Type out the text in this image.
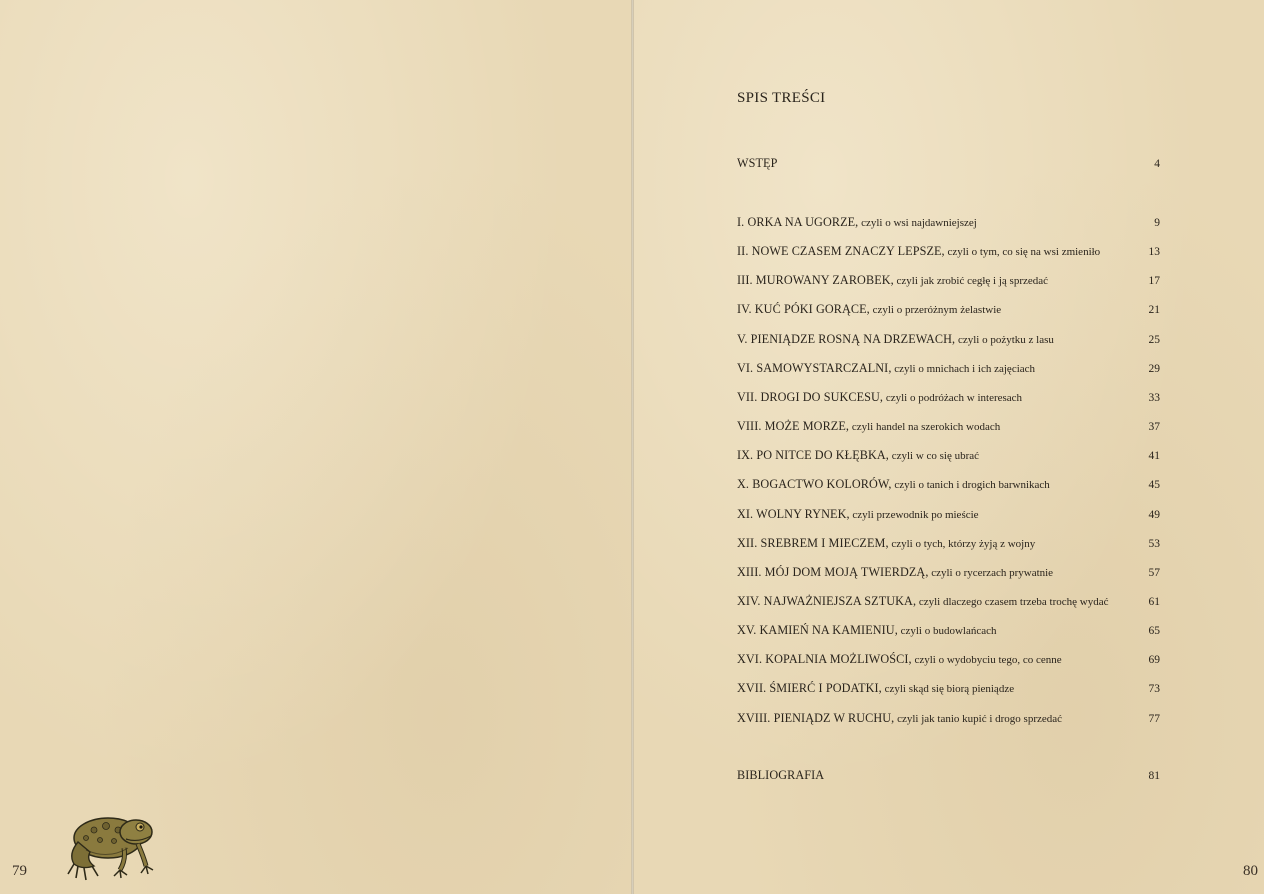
79	80
SPIS TREŚCI
WSTĘP	4
I. ORKA NA UGORZE, czyli o wsi najdawniejszej	9
II. NOWE CZASEM ZNACZY LEPSZE, czyli o tym, co się na wsi zmieniło	13
III. MUROWANY ZAROBEK, czyli jak zrobić cegłę i ją sprzedać	17
IV. KUĆ PÓKI GORĄCE, czyli o przeróżnym żelastwie	21
V. PIENIĄDZE ROSNĄ NA DRZEWACH, czyli o pożytku z lasu	25
VI. SAMOWYSTARCZALNI, czyli o mnichach i ich zajęciach	29
VII. DROGI DO SUKCESU, czyli o podróżach w interesach	33
VIII. MOŻE MORZE, czyli handel na szerokich wodach	37
IX. PO NITCE DO KŁĘBKA, czyli w co się ubrać	41
X. BOGACTWO KOLORÓW, czyli o tanich i drogich barwnikach	45
XI. WOLNY RYNEK, czyli przewodnik po mieście	49
XII. SREBREM I MIECZEM, czyli o tych, którzy żyją z wojny	53
XIII. MÓJ DOM MOJĄ TWIERDZĄ, czyli o rycerzach prywatnie	57
XIV. NAJWAŻNIEJSZA SZTUKA, czyli dlaczego czasem trzeba trochę wydać	61
XV. KAMIEŃ NA KAMIENIU, czyli o budowlańcach	65
XVI. KOPALNIA MOŻLIWOŚCI, czyli o wydobyciu tego, co cenne	69
XVII. ŚMIERĆ I PODATKI, czyli skąd się biorą pieniądze	73
XVIII. PIENIĄDZ W RUCHU, czyli jak tanio kupić i drogo sprzedać	77
BIBLIOGRAFIA	81
